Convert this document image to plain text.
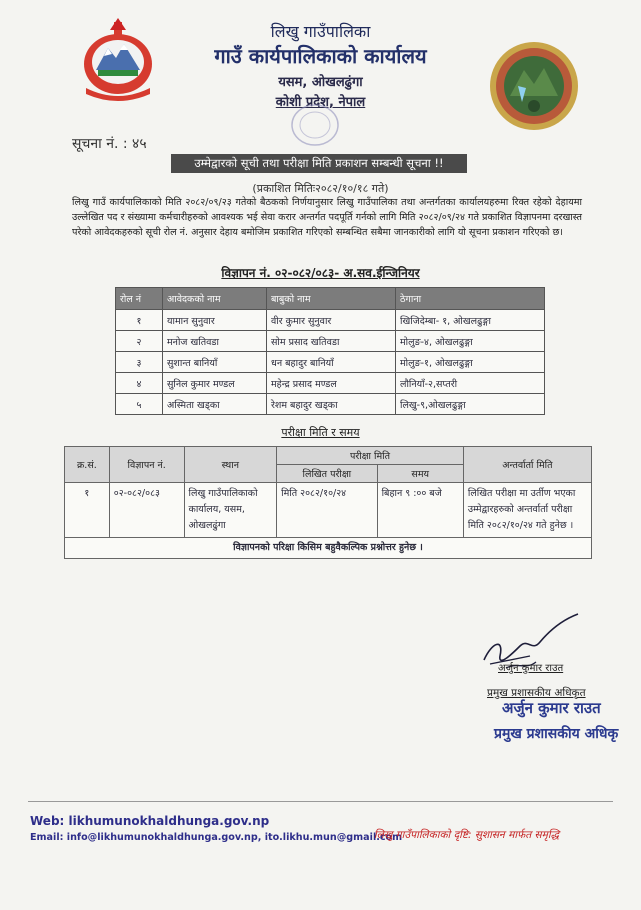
लिखु गाउँपालिका
गाउँ कार्यपालिकाको कार्यालय
यसम, ओखलढुंगा
कोशी प्रदेश, नेपाल
सूचना नं. : ४५
उम्मेद्वारको सूची तथा परीक्षा मिति प्रकाशन सम्बन्धी सूचना !!
(प्रकाशित मितिः२०८२/१०/१८ गते)
लिखु गाउँ कार्यपालिकाको मिति २०८२/०९/२३ गतेको बैठकको निर्णयानुसार लिखु गाउँपालिका तथा अन्तर्गतका कार्यालयहरुमा रिक्त रहेको देहायमा उल्लेखित पद र संख्यामा कर्मचारीहरुको आवश्यक भई सेवा करार अन्तर्गत पदपूर्ति गर्नको लागि मिति २०८२/०९/२४ गते प्रकाशित विज्ञापनमा दरखास्त परेको आवेदकहरुको सूची रोल नं. अनुसार देहाय बमोजिम प्रकाशित गरिएको सम्बन्धित सबैमा जानकारीको लागि यो सूचना प्रकाशन गरिएको छ।
विज्ञापन नं. ०२-०८२/०८३- अ.सव.ईन्जिनियर
रोल नं	आवेदकको नाम	बाबुको नाम	ठेगाना
१	यामान सुनुवार	वीर कुमार सुनुवार	खिजिदेम्बा- १, ओखलढुङ्गा
२	मनोज खतिवडा	सोम प्रसाद खतिवडा	मोलुङ-४, ओखलढुङ्गा
३	सुशान्त बानियाँ	धन बहादुर बानियाँ	मोलुङ-१, ओखलढुङ्गा
४	सुनिल कुमार मण्डल	महेन्द्र प्रसाद मण्डल	लौनियाँ-२,सप्तरी
५	अस्मिता खड्का	रेशम बहादुर खड्का	लिखु-९,ओखलढुङ्गा
परीक्षा मिति र समय
क्र.सं.	विज्ञापन नं.	स्थान	परीक्षा मिति		अन्तर्वार्ता मिति
			लिखित परीक्षा	समय	
१	०२-०८२/०८३	लिखु गाउँपालिकाको कार्यालय, यसम, ओखलढुंगा	मिति २०८२/१०/२४	बिहान ९ :०० बजे	लिखित परीक्षा मा उर्तीण भएका उम्मेद्वारहरुको अन्तर्वार्ता परीक्षा मिति २०८२/१०/२४ गते हुनेछ ।
विज्ञापनको परिक्षा किसिम बहुवैकल्पिक प्रश्नोत्तर हुनेछ ।					
अर्जुन कुमार राउत
प्रमुख प्रशासकीय अधिकृत
अर्जुन कुमार राउत
प्रमुख प्रशासकीय अधिकृ
Web: likhumunokhaldhunga.gov.np
Email: info@likhumunokhaldhunga.gov.np, ito.likhu.mun@gmail.com
लिखु गाउँपालिकाको दृष्टि: सुशासन मार्फत समृद्धि
